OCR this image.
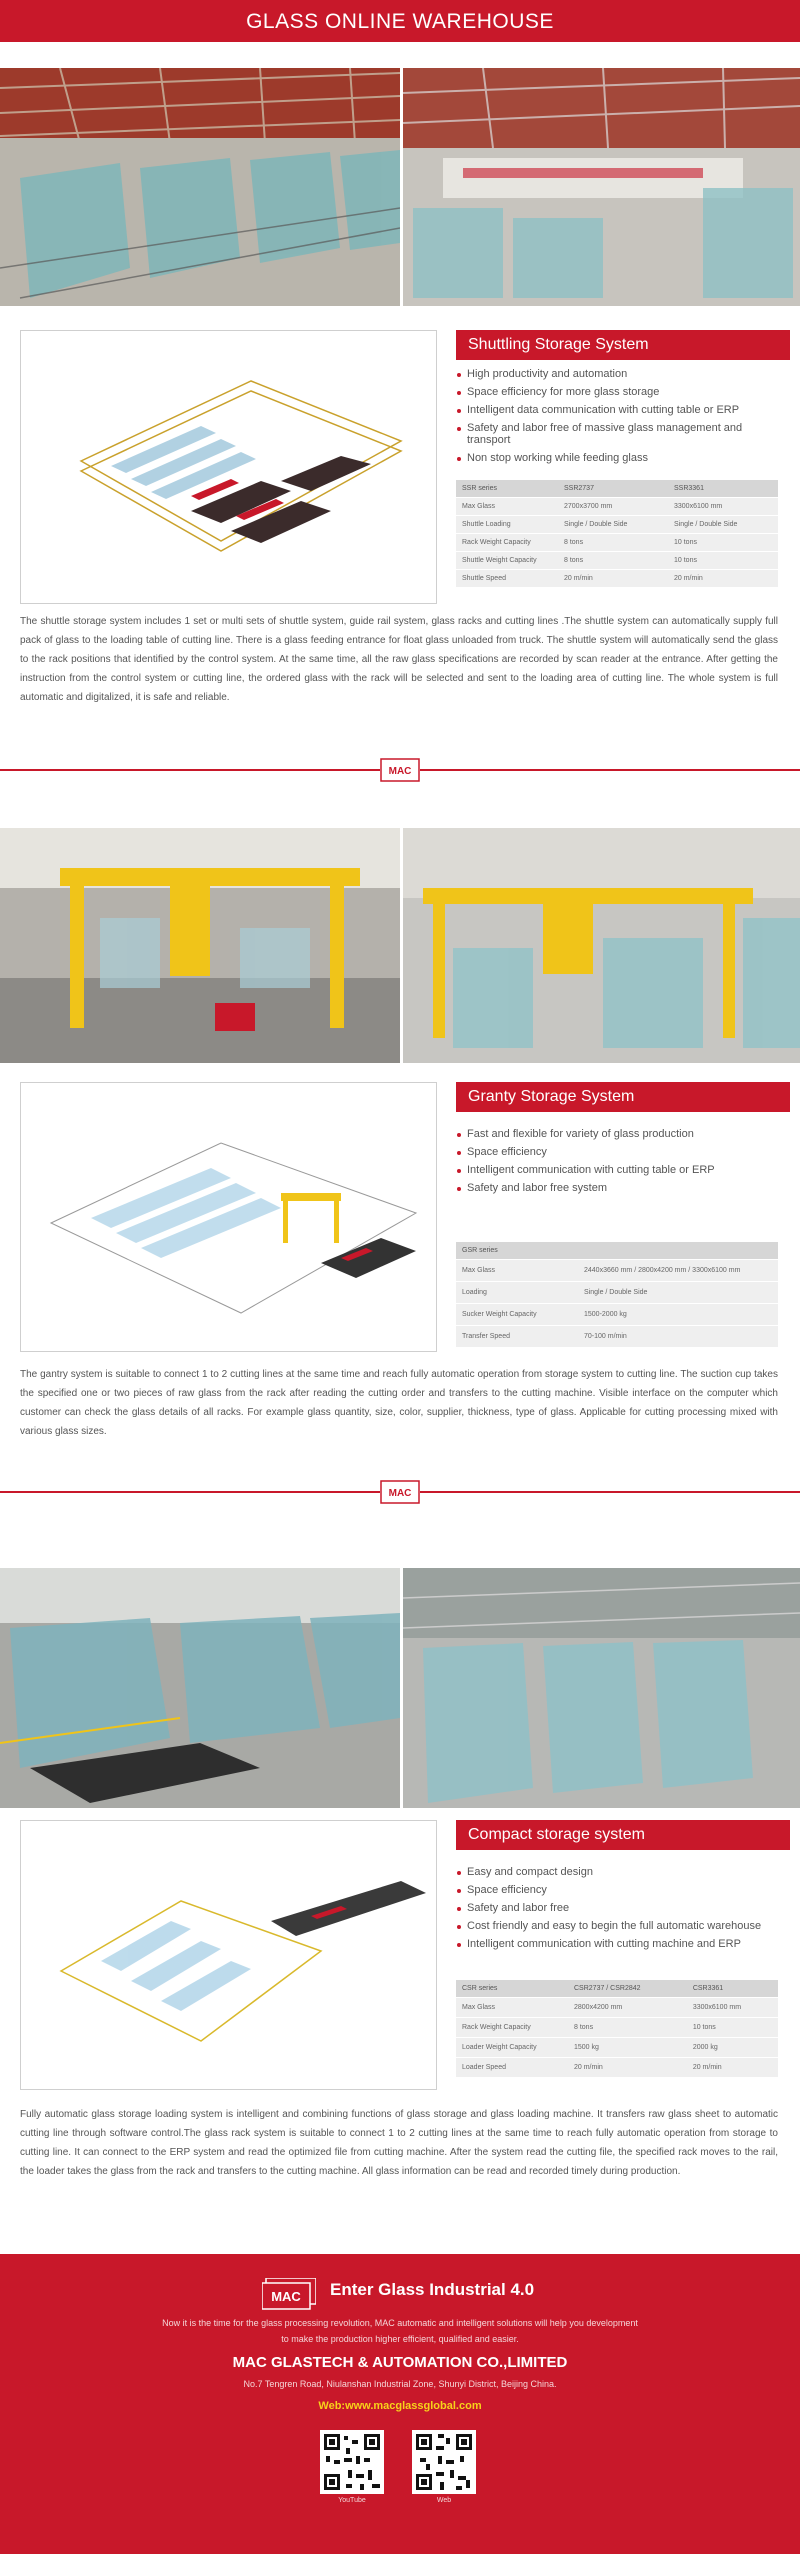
GLASS ONLINE WAREHOUSE
Shuttling Storage System
High productivity and automation
Space efficiency for more glass storage
Intelligent data communication with cutting table or ERP
Safety and labor free of massive glass management and transport
Non stop working while feeding glass
SSR series	SSR2737	SSR3361
Max Glass	2700x3700 mm	3300x6100 mm
Shuttle Loading	Single / Double Side	Single / Double Side
Rack Weight Capacity	8 tons	10 tons
Shuttle Weight Capacity	8 tons	10 tons
Shuttle Speed	20 m/min	20 m/min

The shuttle storage system includes 1 set or multi sets of shuttle system, guide rail system, glass racks and cutting lines .The shuttle system can automatically supply full pack of glass to the loading table of cutting line. There is a glass feeding entrance for float glass unloaded from truck. The shuttle system will automatically send the glass to the rack positions that identified by the control system. At the same time, all the raw glass specifications are recorded by scan reader at the entrance. After getting the instruction from the control system or cutting line, the ordered glass with the rack will be selected and sent to the loading area of cutting line. The whole system is full automatic and digitalized, it is safe and reliable.

MAC
Granty Storage System
Fast and flexible for variety of glass production
Space efficiency
Intelligent communication with cutting table or ERP
Safety and labor free system
GSR series	
Max Glass	2440x3660 mm / 2800x4200 mm / 3300x6100 mm
Loading	Single / Double Side
Sucker Weight Capacity	1500-2000 kg
Transfer Speed	70-100 m/min

The gantry system is suitable to connect 1 to 2 cutting lines at the same time and reach fully automatic operation from storage system to cutting line. The suction cup takes the specified one or two pieces of raw glass from the rack after reading the cutting order and transfers to the cutting machine. Visible interface on the computer which customer can check the glass details of all racks. For example glass quantity, size, color, supplier, thickness, type of glass. Applicable for cutting processing mixed with various glass sizes.

MAC
Compact storage system
Easy and compact design
Space efficiency
Safety and labor free
Cost friendly and easy to begin the full automatic warehouse
Intelligent communication with cutting machine and ERP
CSR series	CSR2737 / CSR2842	CSR3361
Max Glass	2800x4200 mm	3300x6100 mm
Rack Weight Capacity	8 tons	10 tons
Loader Weight Capacity	1500 kg	2000 kg
Loader Speed	20 m/min	20 m/min

Fully automatic glass storage loading system is intelligent and combining functions of glass storage and glass loading machine. It transfers raw glass sheet to automatic cutting line through software control.The glass rack system is suitable to connect 1 to 2 cutting lines at the same time to reach fully automatic operation from storage to cutting line. It can connect to the ERP system and read the optimized file from cutting machine. After the system read the cutting file, the specified rack moves to the rail, the loader takes the glass from the rack and transfers to the cutting machine. All glass information can be read and recorded timely during production.

MAC Enter Glass Industrial 4.0
Now it is the time for the glass processing revolution, MAC automatic and intelligent solutions will help you development
to make the production higher efficient, qualified and easier.
MAC GLASTECH & AUTOMATION CO.,LIMITED
No.7 Tengren Road, Niulanshan Industrial Zone, Shunyi District, Beijing China.
Web:www.macglassglobal.com
YouTube	Web
